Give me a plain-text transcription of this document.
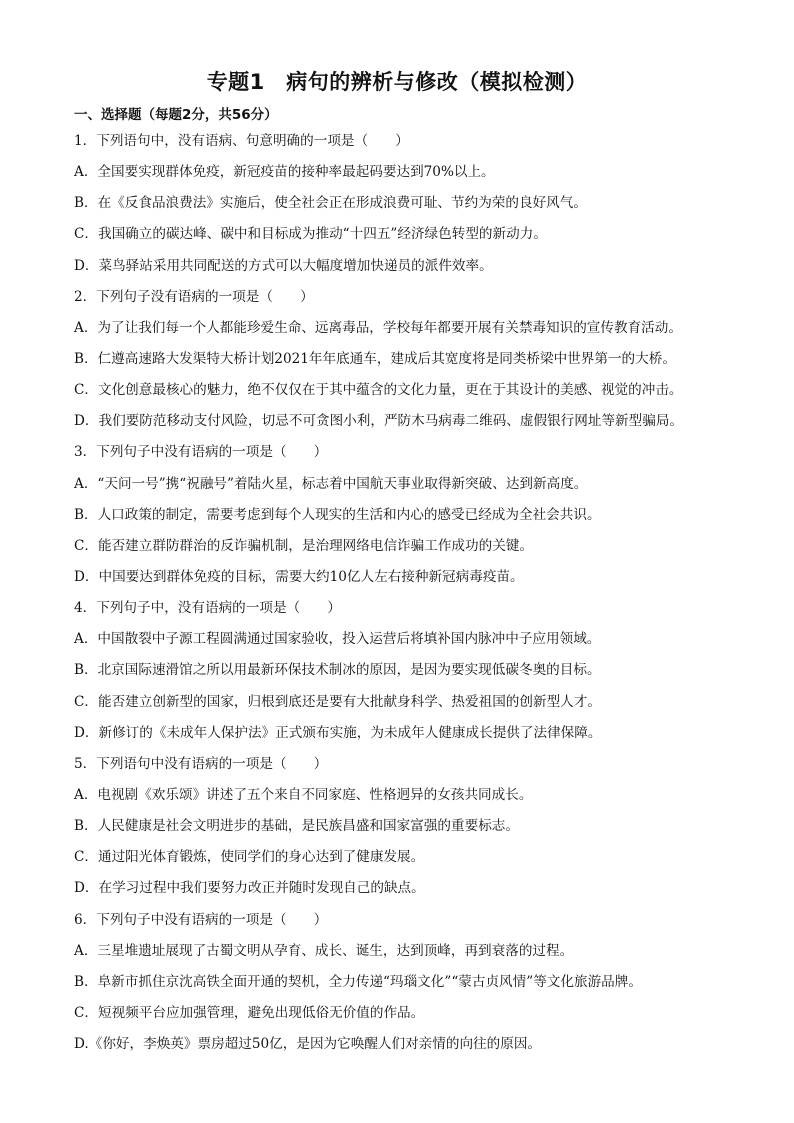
专题1　病句的辨析与修改（模拟检测）
一、选择题（每题2分，共56分）
1．下列语句中，没有语病、句意明确的一项是（　　）
A．全国要实现群体免疫，新冠疫苗的接种率最起码要达到70%以上。
B．在《反食品浪费法》实施后，使全社会正在形成浪费可耻、节约为荣的良好风气。
C．我国确立的碳达峰、碳中和目标成为推动“十四五”经济绿色转型的新动力。
D．菜鸟驿站采用共同配送的方式可以大幅度增加快递员的派件效率。
2．下列句子没有语病的一项是（　　）
A．为了让我们每一个人都能珍爱生命、远离毒品，学校每年都要开展有关禁毒知识的宣传教育活动。
B．仁遵高速路大发渠特大桥计划2021年年底通车，建成后其宽度将是同类桥梁中世界第一的大桥。
C．文化创意最核心的魅力，绝不仅仅在于其中蕴含的文化力量，更在于其设计的美感、视觉的冲击。
D．我们要防范移动支付风险，切忌不可贪图小利，严防木马病毒二维码、虚假银行网址等新型骗局。
3．下列句子中没有语病的一项是（　　）
A．“天问一号”携“祝融号”着陆火星，标志着中国航天事业取得新突破、达到新高度。
B．人口政策的制定，需要考虑到每个人现实的生活和内心的感受已经成为全社会共识。
C．能否建立群防群治的反诈骗机制，是治理网络电信诈骗工作成功的关键。
D．中国要达到群体免疫的目标，需要大约10亿人左右接种新冠病毒疫苗。
4．下列句子中，没有语病的一项是（　　）
A．中国散裂中子源工程圆满通过国家验收，投入运营后将填补国内脉冲中子应用领域。
B．北京国际速滑馆之所以用最新环保技术制冰的原因，是因为要实现低碳冬奥的目标。
C．能否建立创新型的国家，归根到底还是要有大批献身科学、热爱祖国的创新型人才。
D．新修订的《未成年人保护法》正式颁布实施，为未成年人健康成长提供了法律保障。
5．下列语句中没有语病的一项是（　　）
A．电视剧《欢乐颂》讲述了五个来自不同家庭、性格迥异的女孩共同成长。
B．人民健康是社会文明进步的基础，是民族昌盛和国家富强的重要标志。
C．通过阳光体育锻炼，使同学们的身心达到了健康发展。
D．在学习过程中我们要努力改正并随时发现自己的缺点。
6．下列句子中没有语病的一项是（　　）
A．三星堆遗址展现了古蜀文明从孕育、成长、诞生，达到顶峰，再到衰落的过程。
B．阜新市抓住京沈高铁全面开通的契机，全力传递“玛瑙文化”“蒙古贞风情”等文化旅游品牌。
C．短视频平台应加强管理，避免出现低俗无价值的作品。
D.《你好，李焕英》票房超过50亿，是因为它唤醒人们对亲情的向往的原因。
